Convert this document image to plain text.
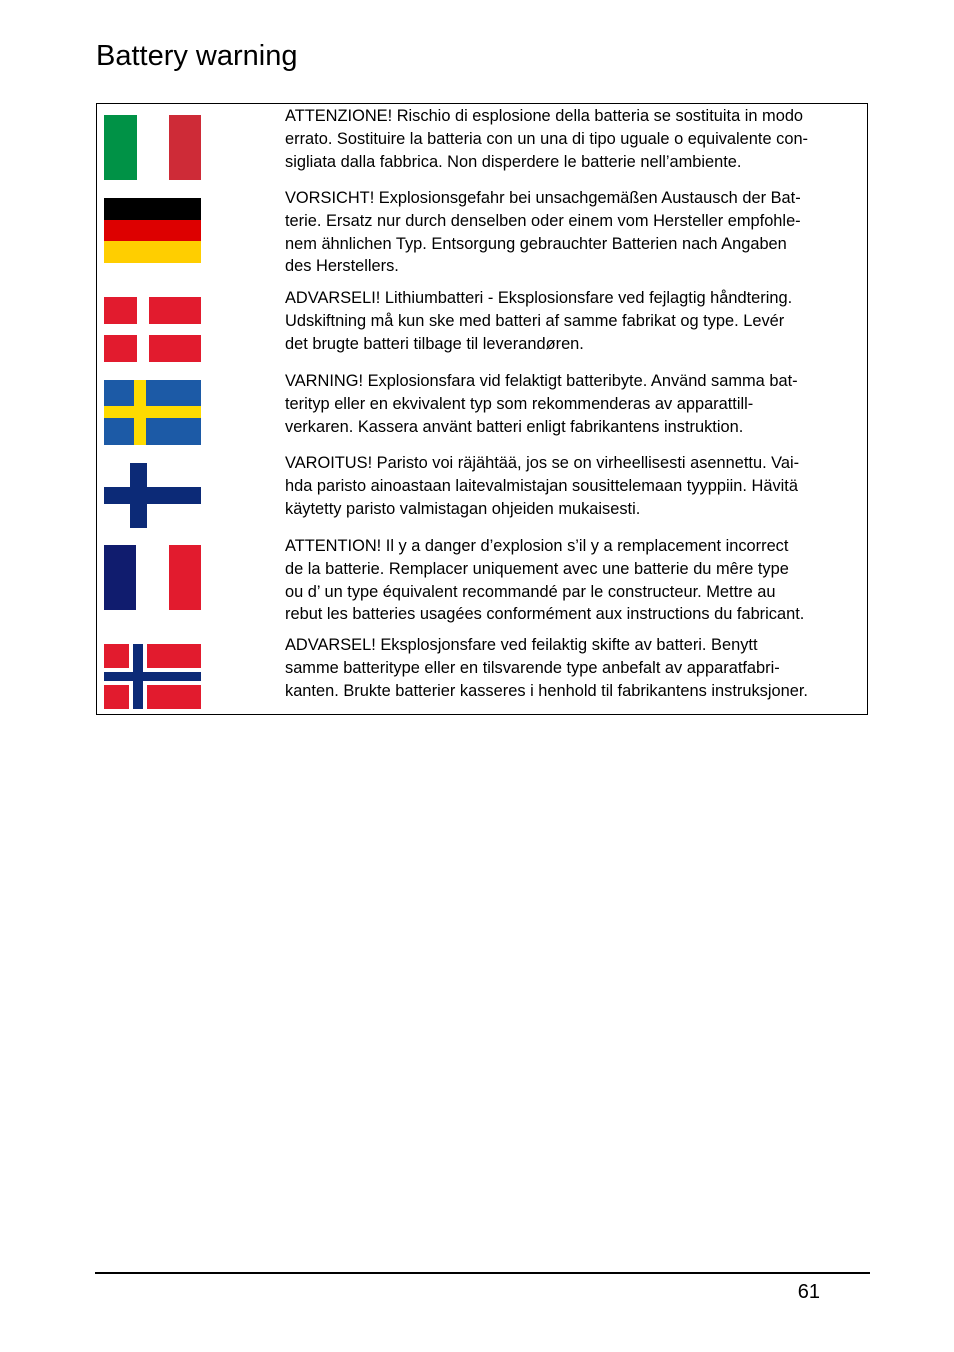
Battery warning

ATTENZIONE! Rischio di esplosione della batteria se sostituita in modo
errato. Sostituire la batteria con un una di tipo uguale o equivalente con-
sigliata dalla fabbrica. Non disperdere le batterie nell’ambiente.

VORSICHT! Explosionsgefahr bei unsachgemäßen Austausch der Bat-
terie. Ersatz nur durch denselben oder einem vom Hersteller empfohle-
nem ähnlichen Typ. Entsorgung gebrauchter Batterien nach Angaben
des Herstellers.

ADVARSELI! Lithiumbatteri - Eksplosionsfare ved fejlagtig håndtering.
Udskiftning må kun ske med batteri af samme fabrikat og type. Levér
det brugte batteri tilbage til leverandøren.

VARNING! Explosionsfara vid felaktigt batteribyte. Använd samma bat-
terityp eller en ekvivalent typ som rekommenderas av apparattill-
verkaren. Kassera använt batteri enligt fabrikantens instruktion.

VAROITUS! Paristo voi räjähtää, jos se on virheellisesti asennettu. Vai-
hda paristo ainoastaan laitevalmistajan sousittelemaan tyyppiin. Hävitä
käytetty paristo valmistagan ohjeiden mukaisesti.

ATTENTION! Il y a danger d’explosion s’il y a remplacement incorrect
de la batterie. Remplacer uniquement avec une batterie du mêre type
ou d’ un type équivalent recommandé par le constructeur. Mettre au
rebut les batteries usagées conformément aux instructions du fabricant.

ADVARSEL! Eksplosjonsfare ved feilaktig skifte av batteri. Benytt
samme batteritype eller en tilsvarende type anbefalt av apparatfabri-
kanten. Brukte batterier kasseres i henhold til fabrikantens instruksjoner.

61
